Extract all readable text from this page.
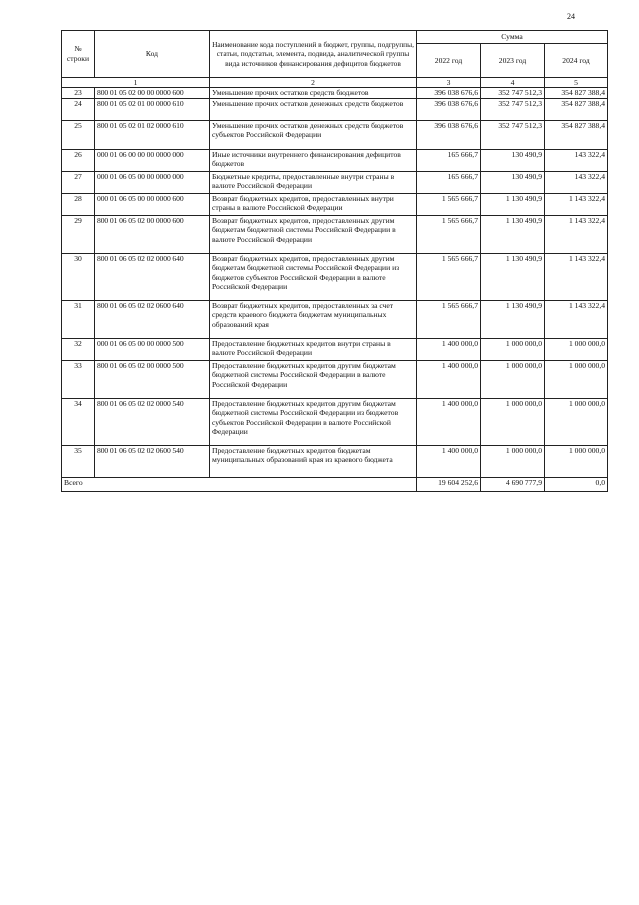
24
№ строки	Код	Наименование кода поступлений в бюджет, группы, подгруппы, статьи, подстатьи, элемента, подвида, аналитической группы вида источников финансирования дефицитов бюджетов	Сумма		
			2022 год	2023 год	2024 год
1		2	3	4	5
23	800 01 05 02 00 00 0000 600	Уменьшение прочих остатков средств бюджетов	396 038 676,6	352 747 512,3	354 827 388,4
24	800 01 05 02 01 00 0000 610	Уменьшение прочих остатков денежных средств бюджетов	396 038 676,6	352 747 512,3	354 827 388,4
25	800 01 05 02 01 02 0000 610	Уменьшение прочих остатков денежных средств бюджетов субъектов Российской Федерации	396 038 676,6	352 747 512,3	354 827 388,4
26	000 01 06 00 00 00 0000 000	Иные источники внутреннего финансирования дефицитов бюджетов	165 666,7	130 490,9	143 322,4
27	000 01 06 05 00 00 0000 000	Бюджетные кредиты, предоставленные внутри страны в валюте Российской Федерации	165 666,7	130 490,9	143 322,4
28	000 01 06 05 00 00 0000 600	Возврат бюджетных кредитов, предоставленных внутри страны в валюте Российской Федерации	1 565 666,7	1 130 490,9	1 143 322,4
29	800 01 06 05 02 00 0000 600	Возврат бюджетных кредитов, предоставленных другим бюджетам бюджетной системы Российской Федерации в валюте Российской Федерации	1 565 666,7	1 130 490,9	1 143 322,4
30	800 01 06 05 02 02 0000 640	Возврат бюджетных кредитов, предоставленных другим бюджетам бюджетной системы Российской Федерации из бюджетов субъектов Российской Федерации в валюте Российской Федерации	1 565 666,7	1 130 490,9	1 143 322,4
31	800 01 06 05 02 02 0600 640	Возврат бюджетных кредитов, предоставленных за счет средств краевого бюджета бюджетам муниципальных образований края	1 565 666,7	1 130 490,9	1 143 322,4
32	000 01 06 05 00 00 0000 500	Предоставление бюджетных кредитов внутри страны в валюте Российской Федерации	1 400 000,0	1 000 000,0	1 000 000,0
33	800 01 06 05 02 00 0000 500	Предоставление бюджетных кредитов другим бюджетам бюджетной системы Российской Федерации в валюте Российской Федерации	1 400 000,0	1 000 000,0	1 000 000,0
34	800 01 06 05 02 02 0000 540	Предоставление бюджетных кредитов другим бюджетам бюджетной системы Российской Федерации из бюджетов субъектов Российской Федерации в валюте Российской Федерации	1 400 000,0	1 000 000,0	1 000 000,0
35	800 01 06 05 02 02 0600 540	Предоставление бюджетных кредитов бюджетам муниципальных образований края из краевого бюджета	1 400 000,0	1 000 000,0	1 000 000,0
Всего			19 604 252,6	4 690 777,9	0,0
